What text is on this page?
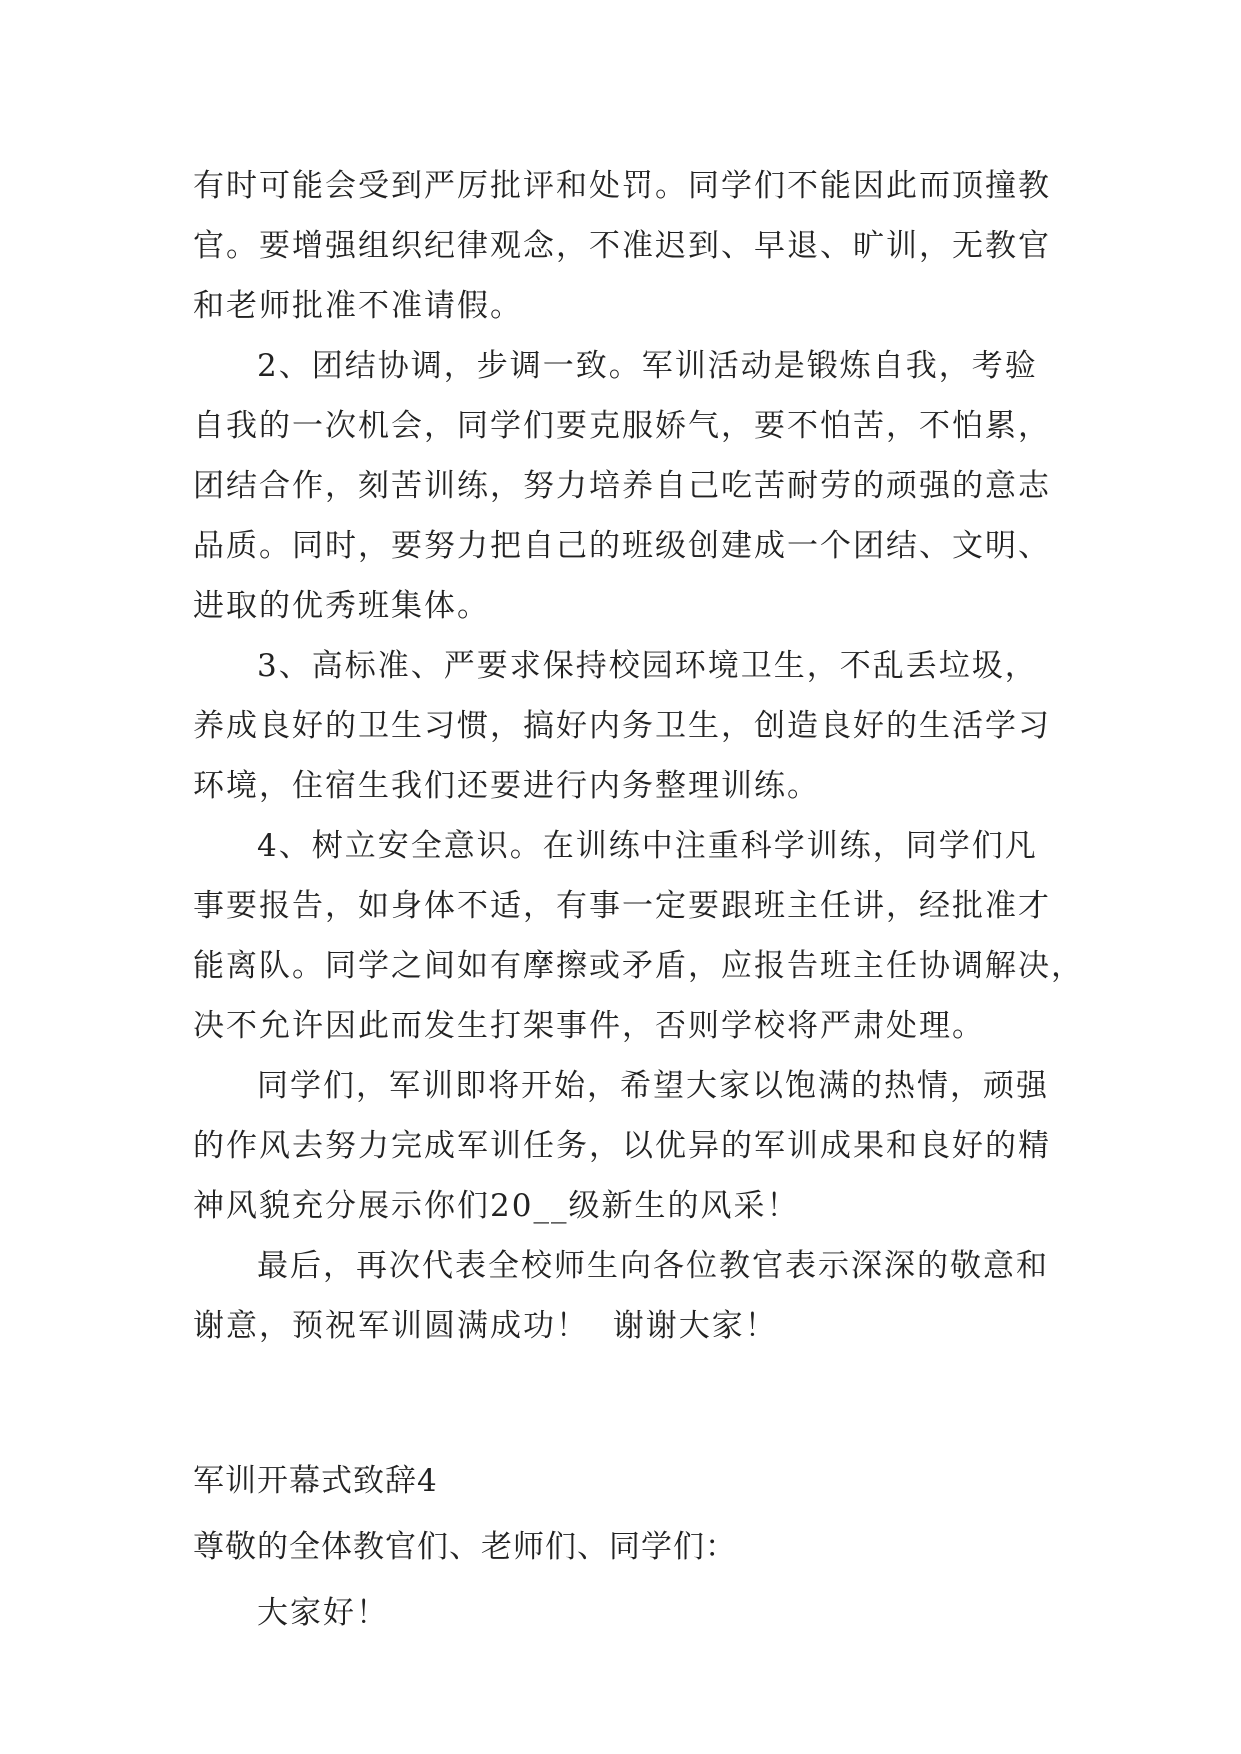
有时可能会受到严厉批评和处罚。同学们不能因此而顶撞教
官。要增强组织纪律观念，不准迟到、早退、旷训，无教官
和老师批准不准请假。
2、团结协调，步调一致。军训活动是锻炼自我，考验
自我的一次机会，同学们要克服娇气，要不怕苦，不怕累，
团结合作，刻苦训练，努力培养自己吃苦耐劳的顽强的意志
品质。同时，要努力把自己的班级创建成一个团结、文明、
进取的优秀班集体。
3、高标准、严要求保持校园环境卫生，不乱丢垃圾，
养成良好的卫生习惯，搞好内务卫生，创造良好的生活学习
环境，住宿生我们还要进行内务整理训练。
4、树立安全意识。在训练中注重科学训练，同学们凡
事要报告，如身体不适，有事一定要跟班主任讲，经批准才
能离队。同学之间如有摩擦或矛盾，应报告班主任协调解决，
决不允许因此而发生打架事件，否则学校将严肃处理。
同学们，军训即将开始，希望大家以饱满的热情，顽强
的作风去努力完成军训任务，以优异的军训成果和良好的精
神风貌充分展示你们20__级新生的风采！
最后，再次代表全校师生向各位教官表示深深的敬意和
谢意，预祝军训圆满成功！  谢谢大家！
军训开幕式致辞4
尊敬的全体教官们、老师们、同学们：
大家好！
